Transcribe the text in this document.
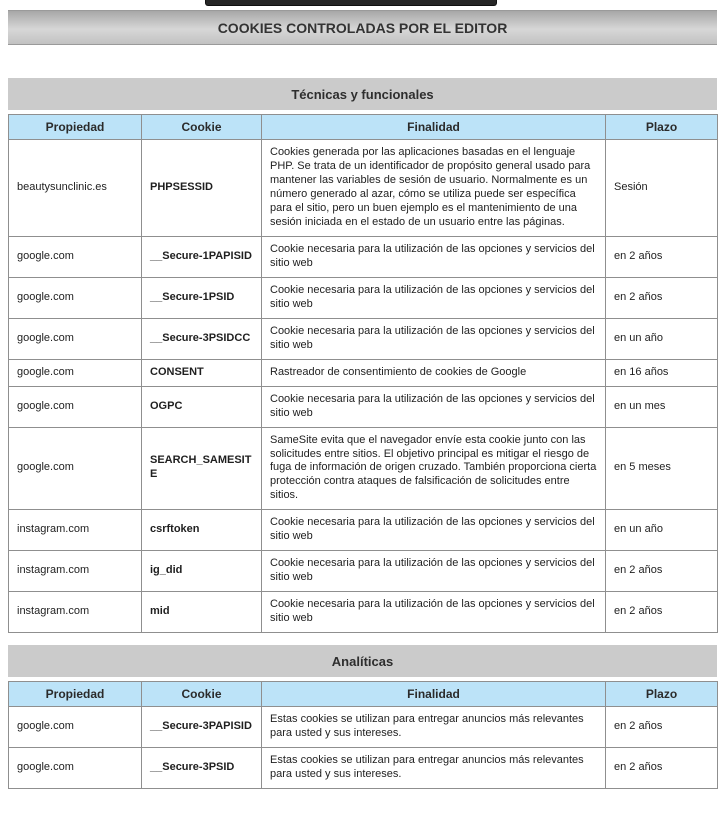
COOKIES CONTROLADAS POR EL EDITOR
Técnicas y funcionales
Propiedad	Cookie	Finalidad	Plazo
beautysunclinic.es	PHPSESSID	Cookies generada por las aplicaciones basadas en el lenguaje PHP. Se trata de un identificador de propósito general usado para mantener las variables de sesión de usuario. Normalmente es un número generado al azar, cómo se utiliza puede ser específica para el sitio, pero un buen ejemplo es el mantenimiento de una sesión iniciada en el estado de un usuario entre las páginas.	Sesión
google.com	__Secure-1PAPISID	Cookie necesaria para la utilización de las opciones y servicios del sitio web	en 2 años
google.com	__Secure-1PSID	Cookie necesaria para la utilización de las opciones y servicios del sitio web	en 2 años
google.com	__Secure-3PSIDCC	Cookie necesaria para la utilización de las opciones y servicios del sitio web	en un año
google.com	CONSENT	Rastreador de consentimiento de cookies de Google	en 16 años
google.com	OGPC	Cookie necesaria para la utilización de las opciones y servicios del sitio web	en un mes
google.com	SEARCH_SAMESITE	SameSite evita que el navegador envíe esta cookie junto con las solicitudes entre sitios. El objetivo principal es mitigar el riesgo de fuga de información de origen cruzado. También proporciona cierta protección contra ataques de falsificación de solicitudes entre sitios.	en 5 meses
instagram.com	csrftoken	Cookie necesaria para la utilización de las opciones y servicios del sitio web	en un año
instagram.com	ig_did	Cookie necesaria para la utilización de las opciones y servicios del sitio web	en 2 años
instagram.com	mid	Cookie necesaria para la utilización de las opciones y servicios del sitio web	en 2 años
Analíticas
Propiedad	Cookie	Finalidad	Plazo
google.com	__Secure-3PAPISID	Estas cookies se utilizan para entregar anuncios más relevantes para usted y sus intereses.	en 2 años
google.com	__Secure-3PSID	Estas cookies se utilizan para entregar anuncios más relevantes para usted y sus intereses.	en 2 años
